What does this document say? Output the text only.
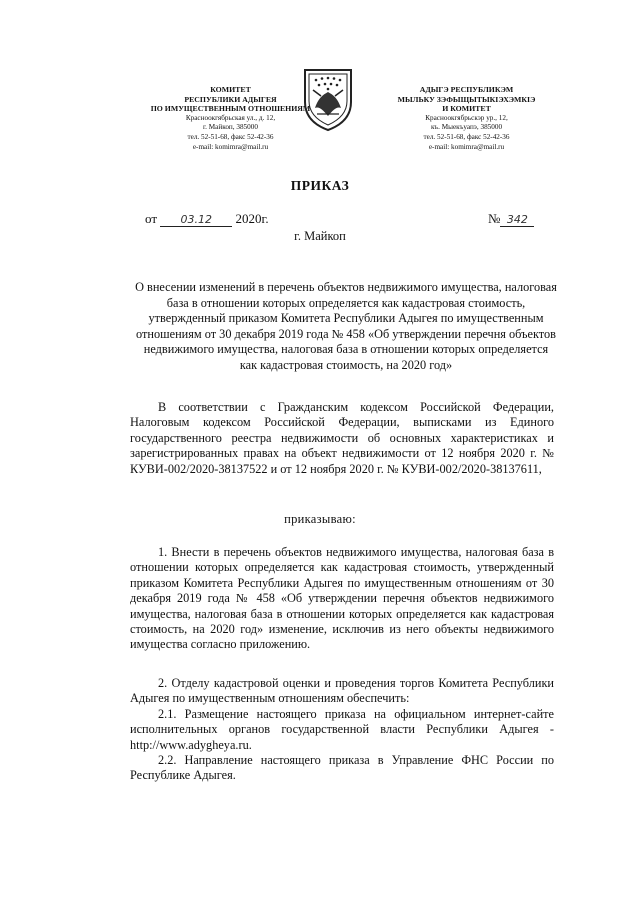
КОМИТЕТ
РЕСПУБЛИКИ АДЫГЕЯ
ПО ИМУЩЕСТВЕННЫМ ОТНОШЕНИЯМ
Красноокгябрьская ул., д. 12,
г. Майкоп, 385000
тел. 52-51-68, факс 52-42-36
e-mail: komimra@mail.ru
АДЫГЭ РЕСПУБЛИКЭМ
МЫЛЬКУ ЗЭФЫЩЫТЫКІЭХЭМКІЭ
И КОМИТЕТ
Красноокгябрьскэр ур., 12,
къ. Мыекъуапэ, 385000
тел. 52-51-68, факс 52-42-36
e-mail: komimra@mail.ru
ПРИКАЗ
от 03.12 2020г.	№ 342
г. Майкоп
О внесении изменений в перечень объектов недвижимого имущества, налоговая база в отношении которых определяется как кадастровая стоимость, утвержденный приказом Комитета Республики Адыгея по имущественным отношениям от 30 декабря 2019 года № 458 «Об утверждении перечня объектов недвижимого имущества, налоговая база в отношении которых определяется как кадастровая стоимость, на 2020 год»

В соответствии с Гражданским кодексом Российской Федерации, Налоговым кодексом Российской Федерации, выписками из Единого государственного реестра недвижимости об основных характеристиках и зарегистрированных правах на объект недвижимости от 12 ноября 2020 г. № КУВИ-002/2020-38137522 и от 12 ноября 2020 г. № КУВИ-002/2020-38137611,

приказываю:

1. Внести в перечень объектов недвижимого имущества, налоговая база в отношении которых определяется как кадастровая стоимость, утвержденный приказом Комитета Республики Адыгея по имущественным отношениям от 30 декабря 2019 года № 458 «Об утверждении перечня объектов недвижимого имущества, налоговая база в отношении которых определяется как кадастровая стоимость, на 2020 год» изменение, исключив из него объекты недвижимого имущества согласно приложению.

2. Отделу кадастровой оценки и проведения торгов Комитета Республики Адыгея по имущественным отношениям обеспечить:

2.1. Размещение настоящего приказа на официальном интернет-сайте исполнительных органов государственной власти Республики Адыгея - http://www.adygheya.ru.

2.2. Направление настоящего приказа в Управление ФНС России по Республике Адыгея.
